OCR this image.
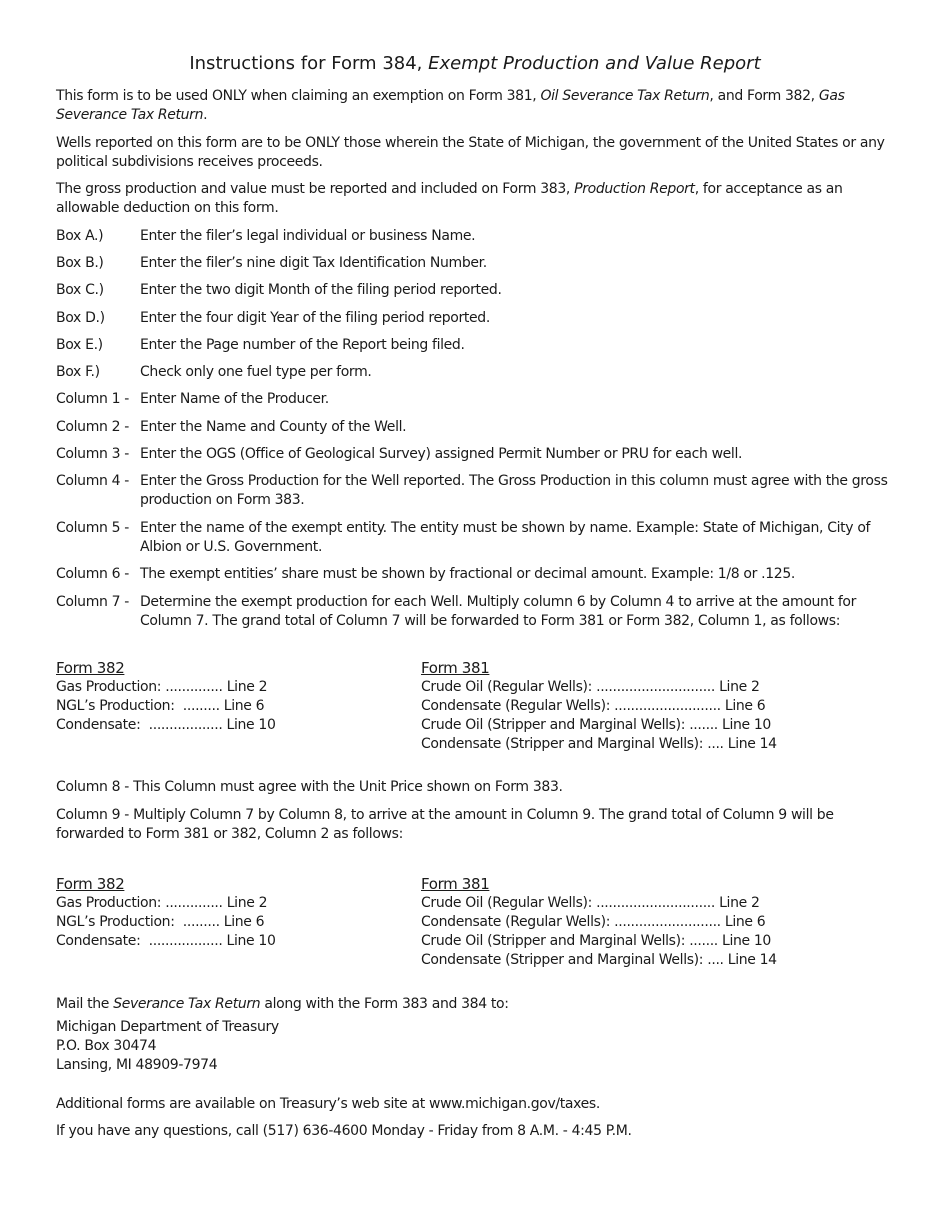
Instructions for Form 384, Exempt Production and Value Report
This form is to be used ONLY when claiming an exemption on Form 381, Oil Severance Tax Return, and Form 382, Gas Severance Tax Return.
Wells reported on this form are to be ONLY those wherein the State of Michigan, the government of the United States or any political subdivisions receives proceeds.
The gross production and value must be reported and included on Form 383, Production Report, for acceptance as an allowable deduction on this form.
Box A.)	Enter the filer’s legal individual or business Name.
Box B.)	Enter the filer’s nine digit Tax Identification Number.
Box C.)	Enter the two digit Month of the filing period reported.
Box D.)	Enter the four digit Year of the filing period reported.
Box E.)	Enter the Page number of the Report being filed.
Box F.)	Check only one fuel type per form.
Column 1 - Enter Name of the Producer.
Column 2 - Enter the Name and County of the Well.
Column 3 - Enter the OGS (Office of Geological Survey) assigned Permit Number or PRU for each well.
Column 4 - Enter the Gross Production for the Well reported. The Gross Production in this column must agree with the gross production on Form 383.
Column 5 - Enter the name of the exempt entity. The entity must be shown by name. Example: State of Michigan, City of Albion or U.S. Government.
Column 6 - The exempt entities’ share must be shown by fractional or decimal amount. Example: 1/8 or .125.
Column 7 - Determine the exempt production for each Well. Multiply column 6 by Column 4 to arrive at the amount for Column 7. The grand total of Column 7 will be forwarded to Form 381 or Form 382, Column 1, as follows:
Form 382
Gas Production: .............. Line 2
NGL’s Production:  ......... Line 6
Condensate:  .................. Line 10
Form 381
Crude Oil (Regular Wells): ............................. Line 2
Condensate (Regular Wells): .......................... Line 6
Crude Oil (Stripper and Marginal Wells): ....... Line 10
Condensate (Stripper and Marginal Wells): .... Line 14
Column 8 - This Column must agree with the Unit Price shown on Form 383.
Column 9 - Multiply Column 7 by Column 8, to arrive at the amount in Column 9. The grand total of Column 9 will be forwarded to Form 381 or 382, Column 2 as follows:
Form 382
Gas Production: .............. Line 2
NGL’s Production:  ......... Line 6
Condensate:  .................. Line 10
Form 381
Crude Oil (Regular Wells): ............................. Line 2
Condensate (Regular Wells): .......................... Line 6
Crude Oil (Stripper and Marginal Wells): ....... Line 10
Condensate (Stripper and Marginal Wells): .... Line 14
Mail the Severance Tax Return along with the Form 383 and 384 to:
Michigan Department of Treasury
P.O. Box 30474
Lansing, MI 48909-7974
Additional forms are available on Treasury’s web site at www.michigan.gov/taxes.
If you have any questions, call (517) 636-4600 Monday - Friday from 8 A.M. - 4:45 P.M.
